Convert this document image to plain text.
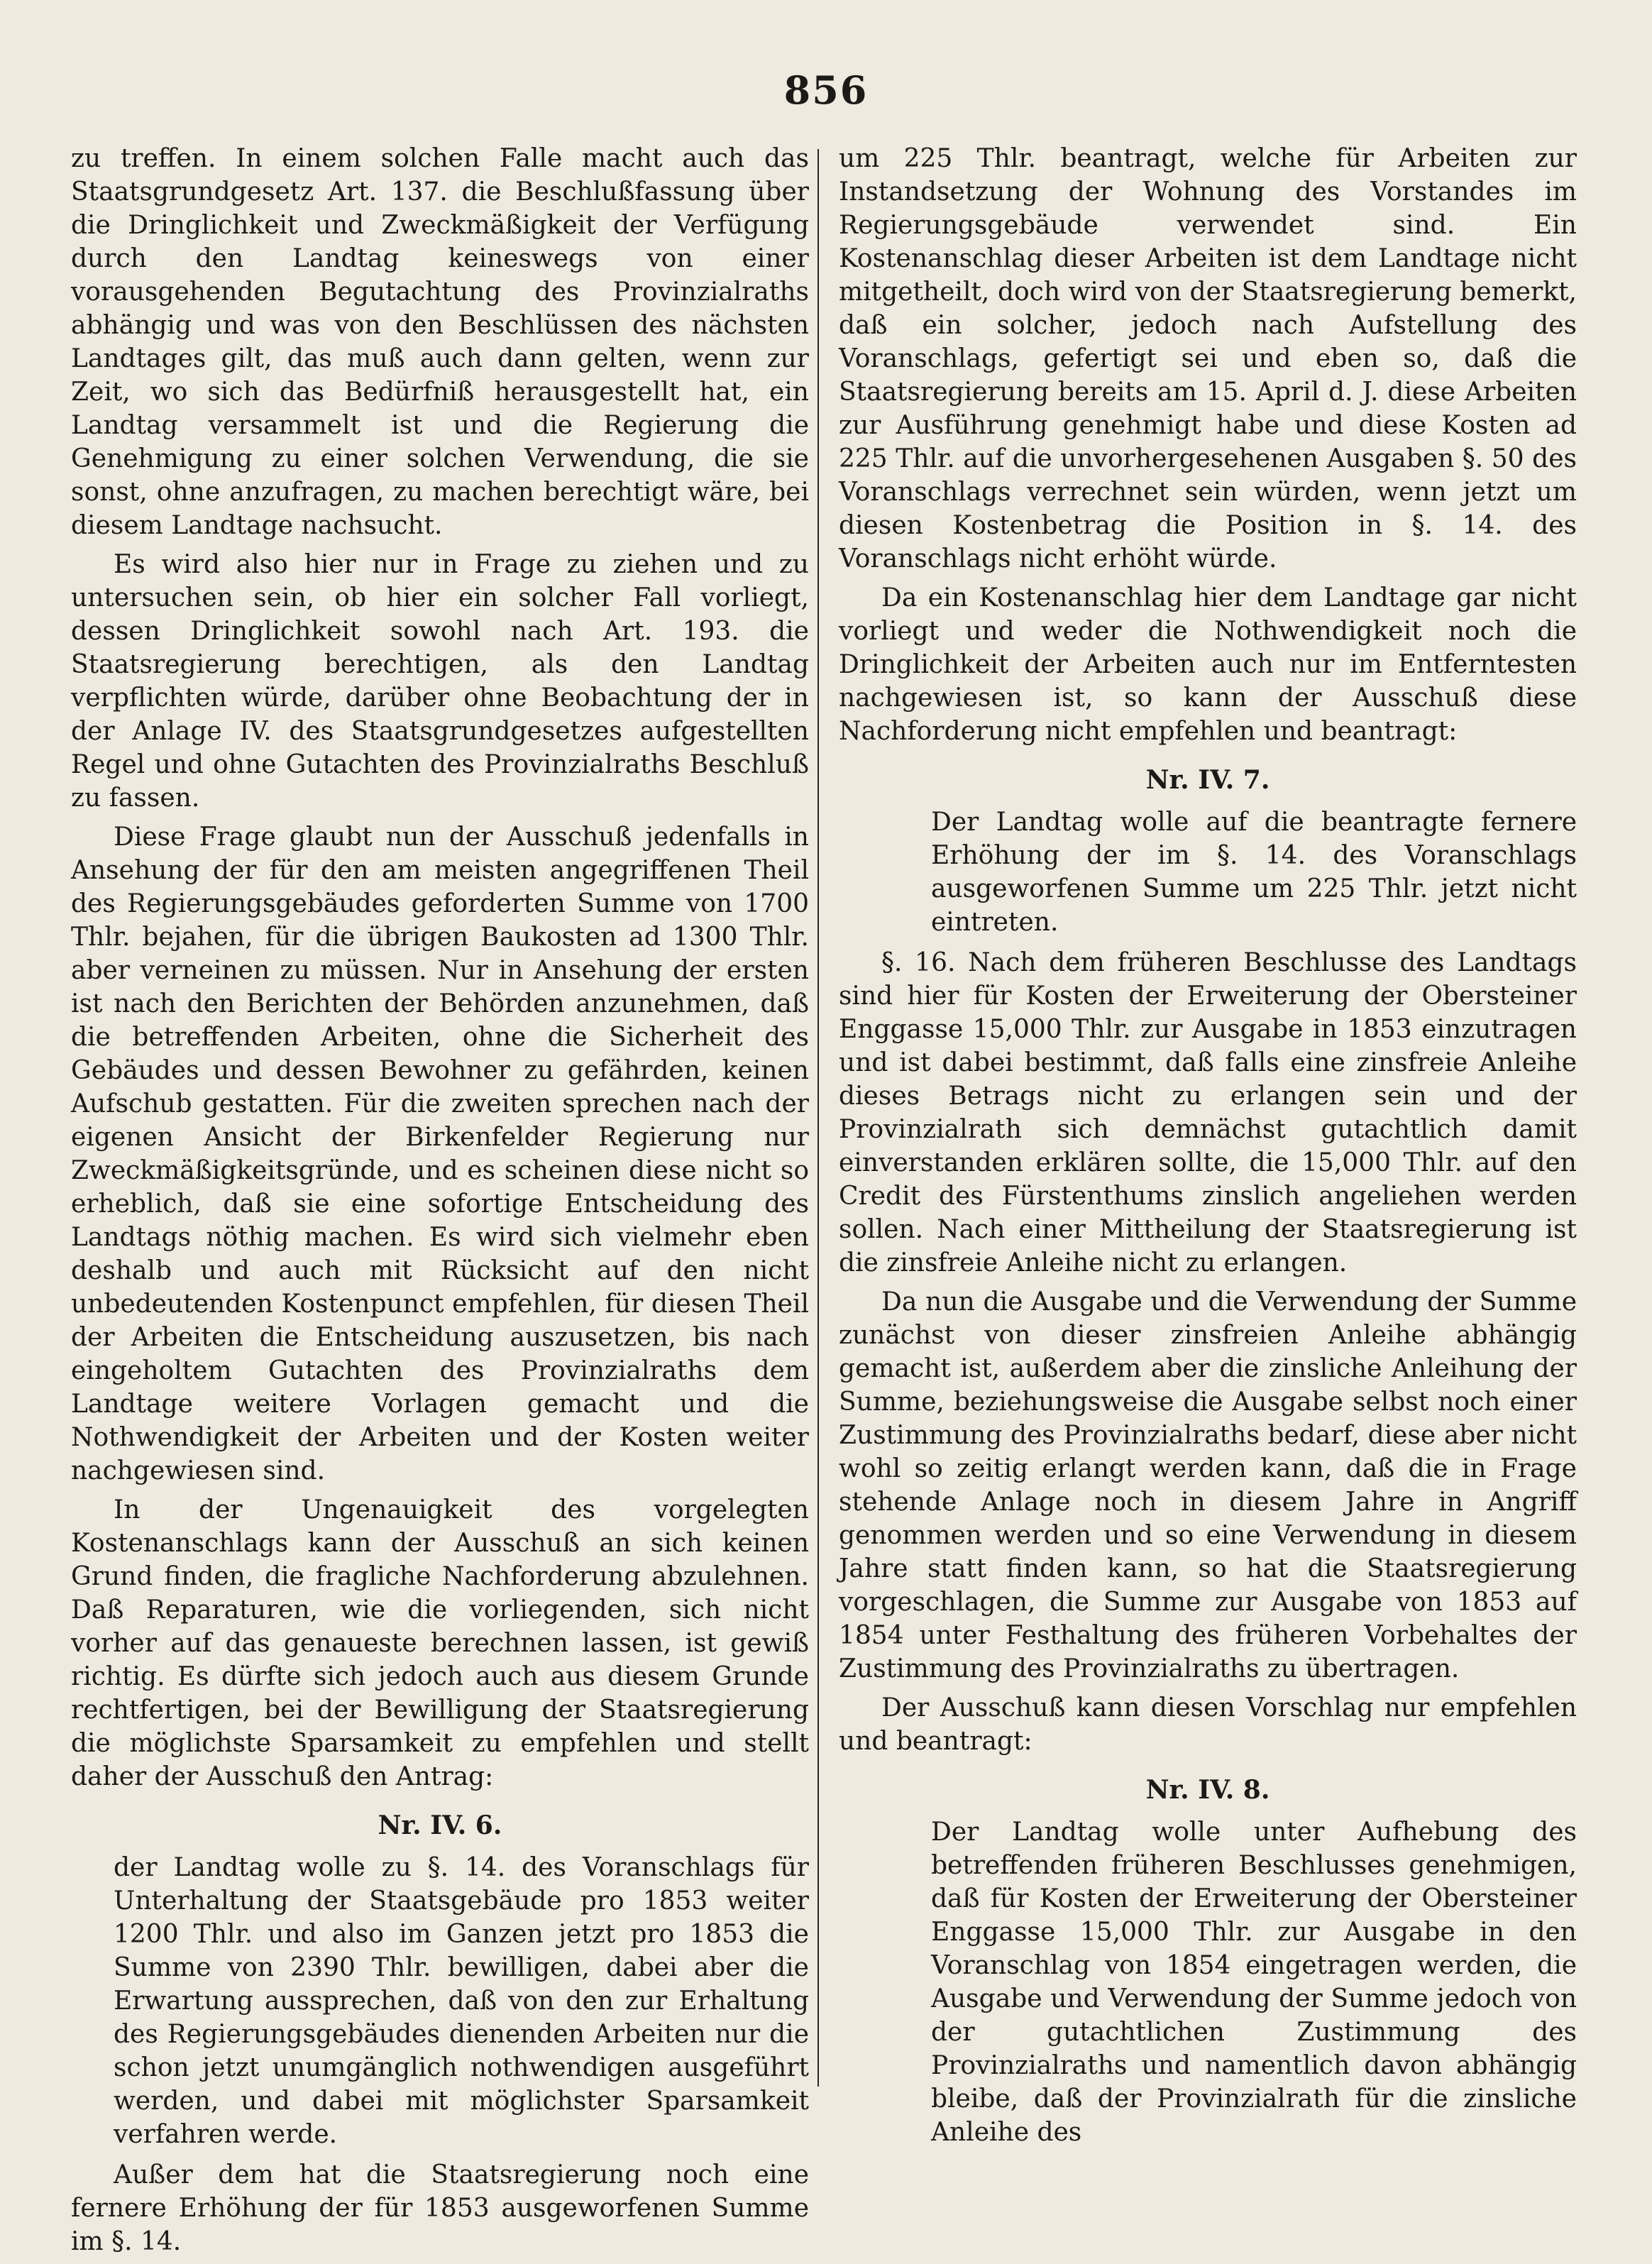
856

zu treffen. In einem solchen Falle macht auch das Staatsgrundgesetz Art. 137. die Beschlußfassung über die Dringlichkeit und Zweckmäßigkeit der Verfügung durch den Landtag keineswegs von einer vorausgehenden Begutachtung des Provinzialraths abhängig und was von den Beschlüssen des nächsten Landtages gilt, das muß auch dann gelten, wenn zur Zeit, wo sich das Bedürfniß herausgestellt hat, ein Landtag versammelt ist und die Regierung die Genehmigung zu einer solchen Verwendung, die sie sonst, ohne anzufragen, zu machen berechtigt wäre, bei diesem Landtage nachsucht.

Es wird also hier nur in Frage zu ziehen und zu untersuchen sein, ob hier ein solcher Fall vorliegt, dessen Dringlichkeit sowohl nach Art. 193. die Staatsregierung berechtigen, als den Landtag verpflichten würde, darüber ohne Beobachtung der in der Anlage IV. des Staatsgrundgesetzes aufgestellten Regel und ohne Gutachten des Provinzialraths Beschluß zu fassen.

Diese Frage glaubt nun der Ausschuß jedenfalls in Ansehung der für den am meisten angegriffenen Theil des Regierungsgebäudes geforderten Summe von 1700 Thlr. bejahen, für die übrigen Baukosten ad 1300 Thlr. aber verneinen zu müssen. Nur in Ansehung der ersten ist nach den Berichten der Behörden anzunehmen, daß die betreffenden Arbeiten, ohne die Sicherheit des Gebäudes und dessen Bewohner zu gefährden, keinen Aufschub gestatten. Für die zweiten sprechen nach der eigenen Ansicht der Birkenfelder Regierung nur Zweckmäßigkeitsgründe, und es scheinen diese nicht so erheblich, daß sie eine sofortige Entscheidung des Landtags nöthig machen. Es wird sich vielmehr eben deshalb und auch mit Rücksicht auf den nicht unbedeutenden Kostenpunct empfehlen, für diesen Theil der Arbeiten die Entscheidung auszusetzen, bis nach eingeholtem Gutachten des Provinzialraths dem Landtage weitere Vorlagen gemacht und die Nothwendigkeit der Arbeiten und der Kosten weiter nachgewiesen sind.

In der Ungenauigkeit des vorgelegten Kostenanschlags kann der Ausschuß an sich keinen Grund finden, die fragliche Nachforderung abzulehnen. Daß Reparaturen, wie die vorliegenden, sich nicht vorher auf das genaueste berechnen lassen, ist gewiß richtig. Es dürfte sich jedoch auch aus diesem Grunde rechtfertigen, bei der Bewilligung der Staatsregierung die möglichste Sparsamkeit zu empfehlen und stellt daher der Ausschuß den Antrag:

Nr. IV. 6.

der Landtag wolle zu §. 14. des Voranschlags für Unterhaltung der Staatsgebäude pro 1853 weiter 1200 Thlr. und also im Ganzen jetzt pro 1853 die Summe von 2390 Thlr. bewilligen, dabei aber die Erwartung aussprechen, daß von den zur Erhaltung des Regierungsgebäudes dienenden Arbeiten nur die schon jetzt unumgänglich nothwendigen ausgeführt werden, und dabei mit möglichster Sparsamkeit verfahren werde.

Außer dem hat die Staatsregierung noch eine fernere Erhöhung der für 1853 ausgeworfenen Summe im §. 14.

um 225 Thlr. beantragt, welche für Arbeiten zur Instandsetzung der Wohnung des Vorstandes im Regierungsgebäude verwendet sind. Ein Kostenanschlag dieser Arbeiten ist dem Landtage nicht mitgetheilt, doch wird von der Staatsregierung bemerkt, daß ein solcher, jedoch nach Aufstellung des Voranschlags, gefertigt sei und eben so, daß die Staatsregierung bereits am 15. April d. J. diese Arbeiten zur Ausführung genehmigt habe und diese Kosten ad 225 Thlr. auf die unvorhergesehenen Ausgaben §. 50 des Voranschlags verrechnet sein würden, wenn jetzt um diesen Kostenbetrag die Position in §. 14. des Voranschlags nicht erhöht würde.

Da ein Kostenanschlag hier dem Landtage gar nicht vorliegt und weder die Nothwendigkeit noch die Dringlichkeit der Arbeiten auch nur im Entferntesten nachgewiesen ist, so kann der Ausschuß diese Nachforderung nicht empfehlen und beantragt:

Nr. IV. 7.

Der Landtag wolle auf die beantragte fernere Erhöhung der im §. 14. des Voranschlags ausgeworfenen Summe um 225 Thlr. jetzt nicht eintreten.

§. 16. Nach dem früheren Beschlusse des Landtags sind hier für Kosten der Erweiterung der Obersteiner Enggasse 15,000 Thlr. zur Ausgabe in 1853 einzutragen und ist dabei bestimmt, daß falls eine zinsfreie Anleihe dieses Betrags nicht zu erlangen sein und der Provinzialrath sich demnächst gutachtlich damit einverstanden erklären sollte, die 15,000 Thlr. auf den Credit des Fürstenthums zinslich angeliehen werden sollen. Nach einer Mittheilung der Staatsregierung ist die zinsfreie Anleihe nicht zu erlangen.

Da nun die Ausgabe und die Verwendung der Summe zunächst von dieser zinsfreien Anleihe abhängig gemacht ist, außerdem aber die zinsliche Anleihung der Summe, beziehungsweise die Ausgabe selbst noch einer Zustimmung des Provinzialraths bedarf, diese aber nicht wohl so zeitig erlangt werden kann, daß die in Frage stehende Anlage noch in diesem Jahre in Angriff genommen werden und so eine Verwendung in diesem Jahre statt finden kann, so hat die Staatsregierung vorgeschlagen, die Summe zur Ausgabe von 1853 auf 1854 unter Festhaltung des früheren Vorbehaltes der Zustimmung des Provinzialraths zu übertragen.

Der Ausschuß kann diesen Vorschlag nur empfehlen und beantragt:

Nr. IV. 8.

Der Landtag wolle unter Aufhebung des betreffenden früheren Beschlusses genehmigen, daß für Kosten der Erweiterung der Obersteiner Enggasse 15,000 Thlr. zur Ausgabe in den Voranschlag von 1854 eingetragen werden, die Ausgabe und Verwendung der Summe jedoch von der gutachtlichen Zustimmung des Provinzialraths und namentlich davon abhängig bleibe, daß der Provinzialrath für die zinsliche Anleihe des
